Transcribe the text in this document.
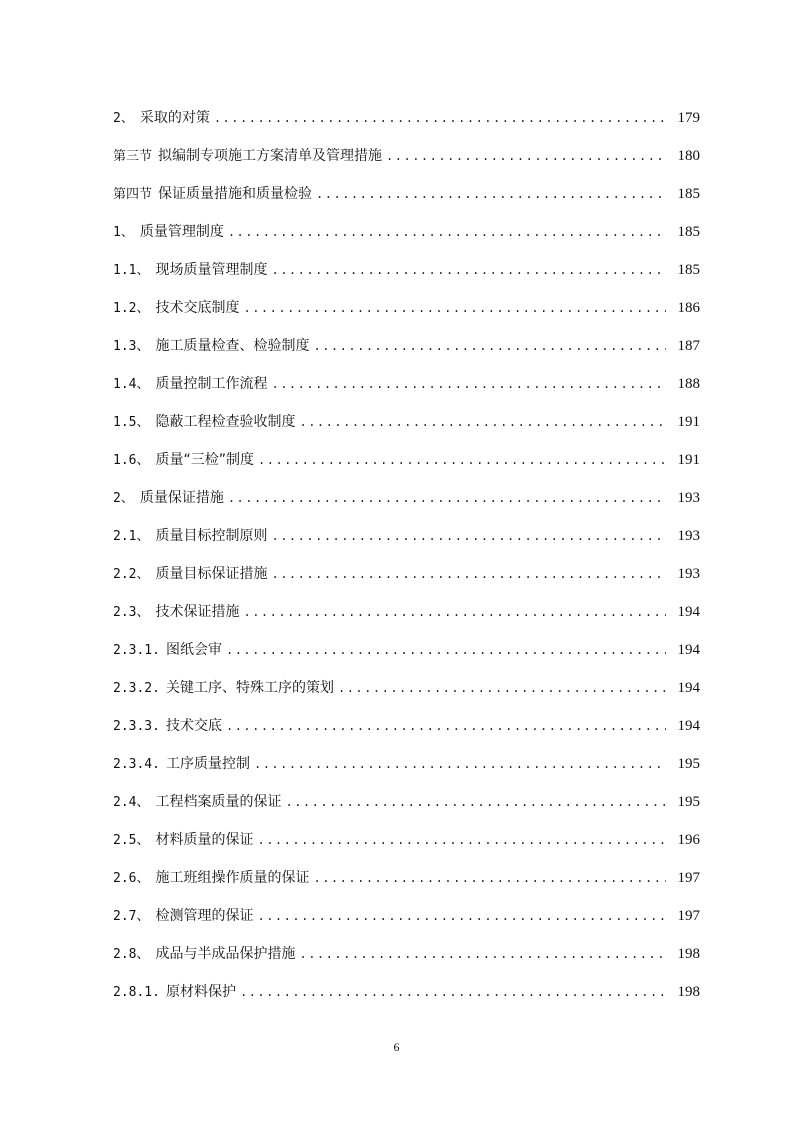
2、 采取的对策 .....	179
第三节 拟编制专项施工方案清单及管理措施 .....	180
第四节 保证质量措施和质量检验 .....	185
1、 质量管理制度 .....	185
1.1、 现场质量管理制度 .....	185
1.2、 技术交底制度 .....	186
1.3、 施工质量检查、检验制度 .....	187
1.4、 质量控制工作流程 .....	188
1.5、 隐蔽工程检查验收制度 .....	191
1.6、 质量“三检”制度 .....	191
2、 质量保证措施 .....	193
2.1、 质量目标控制原则 .....	193
2.2、 质量目标保证措施 .....	193
2.3、 技术保证措施 .....	194
2.3.1. 图纸会审 .....	194
2.3.2. 关键工序、特殊工序的策划 .....	194
2.3.3. 技术交底 .....	194
2.3.4. 工序质量控制 .....	195
2.4、 工程档案质量的保证 .....	195
2.5、 材料质量的保证 .....	196
2.6、 施工班组操作质量的保证 .....	197
2.7、 检测管理的保证 .....	197
2.8、 成品与半成品保护措施 .....	198
2.8.1. 原材料保护 .....	198
6
